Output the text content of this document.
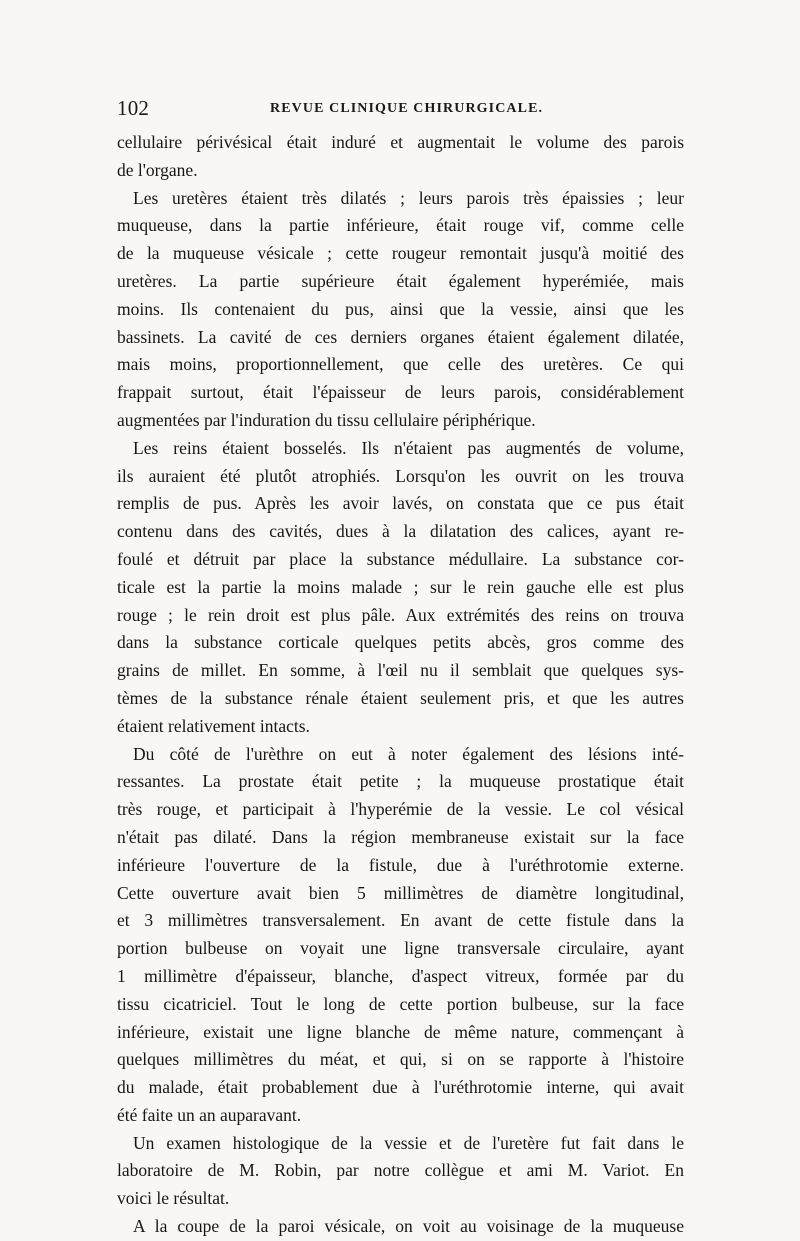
102	REVUE CLINIQUE CHIRURGICALE.
cellulaire périvésical était induré et augmentait le volume des parois
de l'organe.
Les uretères étaient très dilatés ; leurs parois très épaissies ; leur
muqueuse, dans la partie inférieure, était rouge vif, comme celle
de la muqueuse vésicale ; cette rougeur remontait jusqu'à moitié des
uretères. La partie supérieure était également hyperémiée, mais
moins. Ils contenaient du pus, ainsi que la vessie, ainsi que les
bassinets. La cavité de ces derniers organes étaient également dilatée,
mais moins, proportionnellement, que celle des uretères. Ce qui
frappait surtout, était l'épaisseur de leurs parois, considérablement
augmentées par l'induration du tissu cellulaire périphérique.
Les reins étaient bosselés. Ils n'étaient pas augmentés de volume,
ils auraient été plutôt atrophiés. Lorsqu'on les ouvrit on les trouva
remplis de pus. Après les avoir lavés, on constata que ce pus était
contenu dans des cavités, dues à la dilatation des calices, ayant re-
foulé et détruit par place la substance médullaire. La substance cor-
ticale est la partie la moins malade ; sur le rein gauche elle est plus
rouge ; le rein droit est plus pâle. Aux extrémités des reins on trouva
dans la substance corticale quelques petits abcès, gros comme des
grains de millet. En somme, à l'œil nu il semblait que quelques sys-
tèmes de la substance rénale étaient seulement pris, et que les autres
étaient relativement intacts.
Du côté de l'urèthre on eut à noter également des lésions inté-
ressantes. La prostate était petite ; la muqueuse prostatique était
très rouge, et participait à l'hyperémie de la vessie. Le col vésical
n'était pas dilaté. Dans la région membraneuse existait sur la face
inférieure l'ouverture de la fistule, due à l'uréthrotomie externe.
Cette ouverture avait bien 5 millimètres de diamètre longitudinal,
et 3 millimètres transversalement. En avant de cette fistule dans la
portion bulbeuse on voyait une ligne transversale circulaire, ayant
1 millimètre d'épaisseur, blanche, d'aspect vitreux, formée par du
tissu cicatriciel. Tout le long de cette portion bulbeuse, sur la face
inférieure, existait une ligne blanche de même nature, commençant à
quelques millimètres du méat, et qui, si on se rapporte à l'histoire
du malade, était probablement due à l'uréthrotomie interne, qui avait
été faite un an auparavant.
Un examen histologique de la vessie et de l'uretère fut fait dans le
laboratoire de M. Robin, par notre collègue et ami M. Variot. En
voici le résultat.
A la coupe de la paroi vésicale, on voit au voisinage de la muqueuse
